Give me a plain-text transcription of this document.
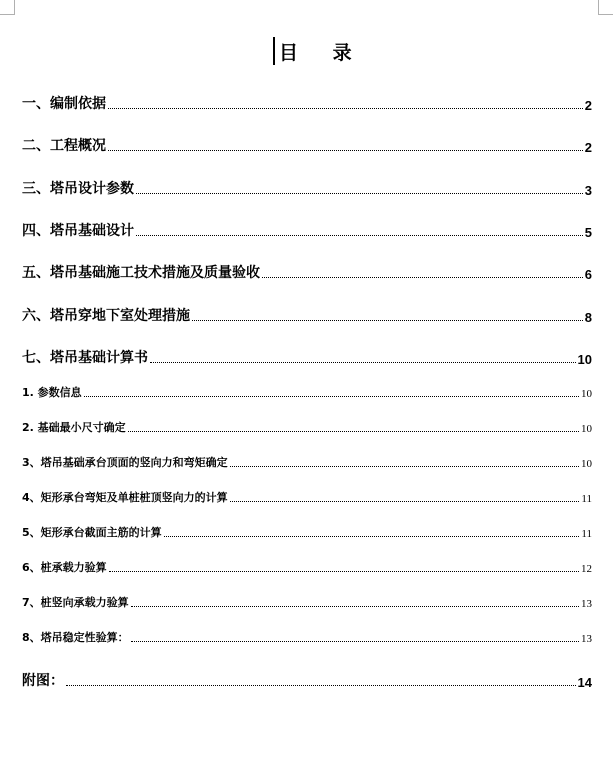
目 录
一、编制依据	2
二、工程概况	2
三、塔吊设计参数	3
四、塔吊基础设计	5
五、塔吊基础施工技术措施及质量验收	6
六、塔吊穿地下室处理措施	8
七、塔吊基础计算书	10
1. 参数信息	10
2. 基础最小尺寸确定	10
3、塔吊基础承台顶面的竖向力和弯矩确定	10
4、矩形承台弯矩及单桩桩顶竖向力的计算	11
5、矩形承台截面主筋的计算	11
6、桩承载力验算	12
7、桩竖向承载力验算	13
8、塔吊稳定性验算：	13
附图：	14
